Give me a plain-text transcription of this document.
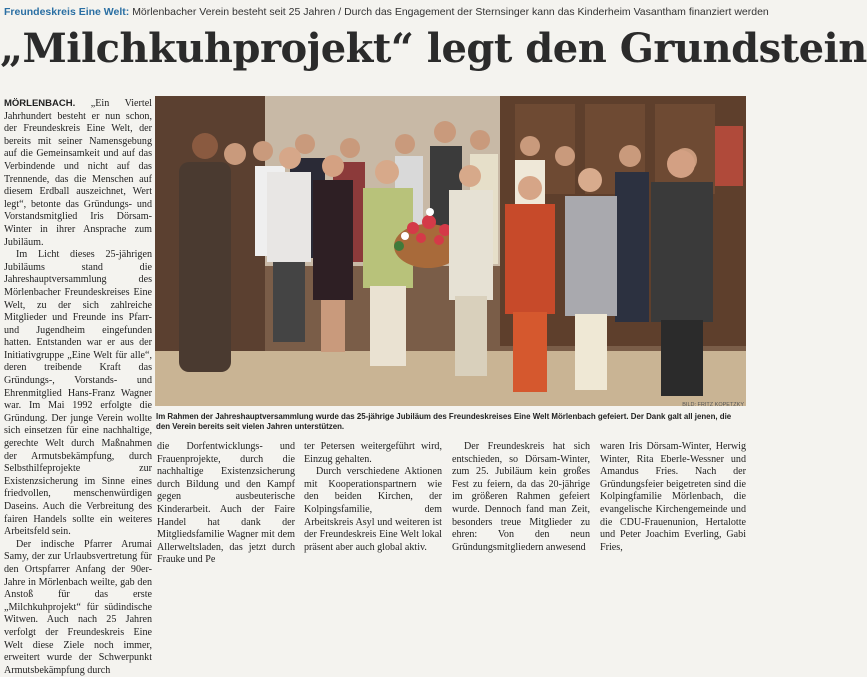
Freundeskreis Eine Welt: Mörlenbacher Verein besteht seit 25 Jahren / Durch das Engagement der Sternsinger kann das Kinderheim Vasantham finanziert werden
„Milchkuhprojekt“ legt den Grundstein

MÖRLENBACH. „Ein Viertel Jahrhundert besteht er nun schon, der Freundeskreis Eine Welt, der bereits mit seiner Namensgebung auf die Gemeinsamkeit und auf das Verbindende und nicht auf das Trennende, das die Menschen auf diesem Erdball auszeichnet, Wert legt“, betonte das Gründungs- und Vorstandsmitglied Iris Dörsam-Winter in ihrer Ansprache zum Jubiläum.

Im Licht dieses 25-jährigen Jubiläums stand die Jahreshauptversammlung des Mörlenbacher Freundeskreises Eine Welt, zu der sich zahlreiche Mitglieder und Freunde ins Pfarr- und Jugendheim eingefunden hatten. Entstanden war er aus der Initiativgruppe „Eine Welt für alle“, deren treibende Kraft das Gründungs-, Vorstands- und Ehrenmitglied Hans-Franz Wagner war. Im Mai 1992 erfolgte die Gründung. Der junge Verein wollte sich einsetzen für eine nachhaltige, gerechte Welt durch Maßnahmen der Armutsbekämpfung, durch Selbsthilfeprojekte zur Existenzsicherung im Sinne eines friedvollen, menschenwürdigen Daseins. Auch die Verbreitung des fairen Handels sollte ein weiteres Arbeitsfeld sein.

Der indische Pfarrer Arumai Samy, der zur Urlaubsvertretung für den Ortspfarrer Anfang der 90er-Jahre in Mörlenbach weilte, gab den Anstoß für das erste „Milchkuhprojekt“ für südindische Witwen. Auch nach 25 Jahren verfolgt der Freundeskreis Eine Welt diese Ziele noch immer, erweitert wurde der Schwerpunkt Armutsbekämpfung durch

BILD: FRITZ KOPETZKY
Im Rahmen der Jahreshauptversammlung wurde das 25-jährige Jubiläum des Freundeskreises Eine Welt Mörlenbach gefeiert. Der Dank galt all jenen, die den Verein bereits seit vielen Jahren unterstützen.

die Dorfentwicklungs- und Frauenprojekte, durch die nachhaltige Existenzsicherung durch Bildung und den Kampf gegen ausbeuterische Kinderarbeit. Auch der Faire Handel hat dank der Mitgliedsfamilie Wagner mit dem Allerweltsladen, das jetzt durch Frauke und Pe

ter Petersen weitergeführt wird, Einzug gehalten.

Durch verschiedene Aktionen mit Kooperationspartnern wie den beiden Kirchen, der Kolpingsfamilie, dem Arbeitskreis Asyl und weiteren ist der Freundeskreis Eine Welt lokal präsent aber auch global aktiv.

Der Freundeskreis hat sich entschieden, so Dörsam-Winter, zum 25. Jubiläum kein großes Fest zu feiern, da das 20-jährige im größeren Rahmen gefeiert wurde. Dennoch fand man Zeit, besonders treue Mitglieder zu ehren: Von den neun Gründungsmitgliedern anwesend

waren Iris Dörsam-Winter, Herwig Winter, Rita Eberle-Wessner und Amandus Fries. Nach der Gründungsfeier beigetreten sind die Kolpingfamilie Mörlenbach, die evangelische Kirchengemeinde und die CDU-Frauenunion, Hertalotte und Peter Joachim Everling, Gabi Fries,
